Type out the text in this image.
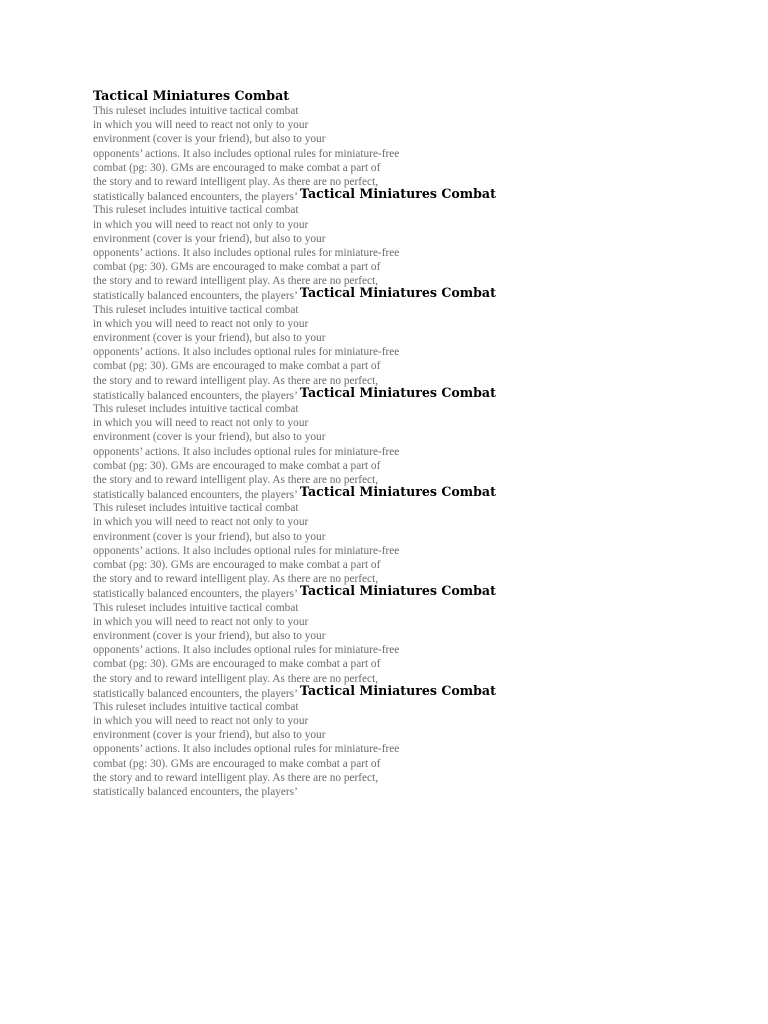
Tactical Miniatures Combat
This ruleset includes intuitive tactical combat
in which you will need to react not only to your
environment (cover is your friend), but also to your
opponents’ actions. It also includes optional rules for miniature-free
combat (pg: 30). GMs are encouraged to make combat a part of
the story and to reward intelligent play. As there are no perfect,
statistically balanced encounters, the players’ Tactical Miniatures Combat
This ruleset includes intuitive tactical combat
in which you will need to react not only to your
environment (cover is your friend), but also to your
opponents’ actions. It also includes optional rules for miniature-free
combat (pg: 30). GMs are encouraged to make combat a part of
the story and to reward intelligent play. As there are no perfect,
statistically balanced encounters, the players’ Tactical Miniatures Combat
This ruleset includes intuitive tactical combat
in which you will need to react not only to your
environment (cover is your friend), but also to your
opponents’ actions. It also includes optional rules for miniature-free
combat (pg: 30). GMs are encouraged to make combat a part of
the story and to reward intelligent play. As there are no perfect,
statistically balanced encounters, the players’ Tactical Miniatures Combat
This ruleset includes intuitive tactical combat
in which you will need to react not only to your
environment (cover is your friend), but also to your
opponents’ actions. It also includes optional rules for miniature-free
combat (pg: 30). GMs are encouraged to make combat a part of
the story and to reward intelligent play. As there are no perfect,
statistically balanced encounters, the players’ Tactical Miniatures Combat
This ruleset includes intuitive tactical combat
in which you will need to react not only to your
environment (cover is your friend), but also to your
opponents’ actions. It also includes optional rules for miniature-free
combat (pg: 30). GMs are encouraged to make combat a part of
the story and to reward intelligent play. As there are no perfect,
statistically balanced encounters, the players’ Tactical Miniatures Combat
This ruleset includes intuitive tactical combat
in which you will need to react not only to your
environment (cover is your friend), but also to your
opponents’ actions. It also includes optional rules for miniature-free
combat (pg: 30). GMs are encouraged to make combat a part of
the story and to reward intelligent play. As there are no perfect,
statistically balanced encounters, the players’ Tactical Miniatures Combat
This ruleset includes intuitive tactical combat
in which you will need to react not only to your
environment (cover is your friend), but also to your
opponents’ actions. It also includes optional rules for miniature-free
combat (pg: 30). GMs are encouraged to make combat a part of
the story and to reward intelligent play. As there are no perfect,
statistically balanced encounters, the players’
